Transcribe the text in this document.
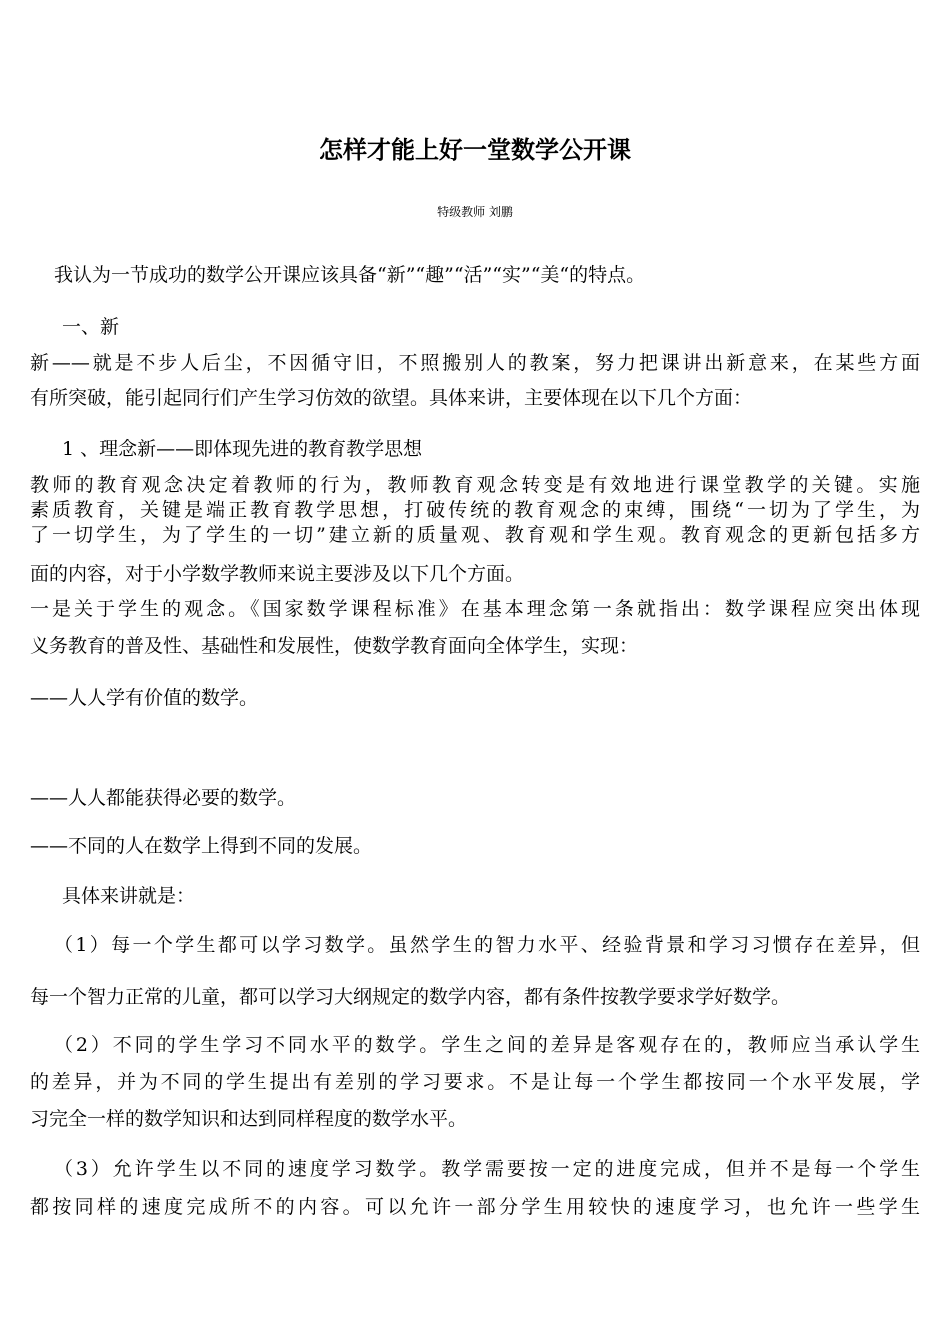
怎样才能上好一堂数学公开课
特级教师 刘鹏
我认为一节成功的数学公开课应该具备“新”“趣”“活”“实”“美“的特点。
一、新
新——就是不步人后尘，不因循守旧，不照搬别人的教案，努力把课讲出新意来，在某些方面
有所突破，能引起同行们产生学习仿效的欲望。具体来讲，主要体现在以下几个方面：
1 、理念新——即体现先进的教育教学思想
教师的教育观念决定着教师的行为，教师教育观念转变是有效地进行课堂教学的关键。实施
素质教育，关键是端正教育教学思想，打破传统的教育观念的束缚，围绕“一切为了学生，为
了一切学生，为了学生的一切”建立新的质量观、教育观和学生观。教育观念的更新包括多方
面的内容，对于小学数学教师来说主要涉及以下几个方面。
一是关于学生的观念。《国家数学课程标准》在基本理念第一条就指出：数学课程应突出体现
义务教育的普及性、基础性和发展性，使数学教育面向全体学生，实现：
——人人学有价值的数学。
——人人都能获得必要的数学。
——不同的人在数学上得到不同的发展。
具体来讲就是：
（1）每一个学生都可以学习数学。虽然学生的智力水平、经验背景和学习习惯存在差异，但
每一个智力正常的儿童，都可以学习大纲规定的数学内容，都有条件按教学要求学好数学。
（2）不同的学生学习不同水平的数学。学生之间的差异是客观存在的，教师应当承认学生
的差异，并为不同的学生提出有差别的学习要求。不是让每一个学生都按同一个水平发展，学
习完全一样的数学知识和达到同样程度的数学水平。
（3）允许学生以不同的速度学习数学。教学需要按一定的进度完成，但并不是每一个学生
都按同样的速度完成所不的内容。可以允许一部分学生用较快的速度学习，也允许一些学生
